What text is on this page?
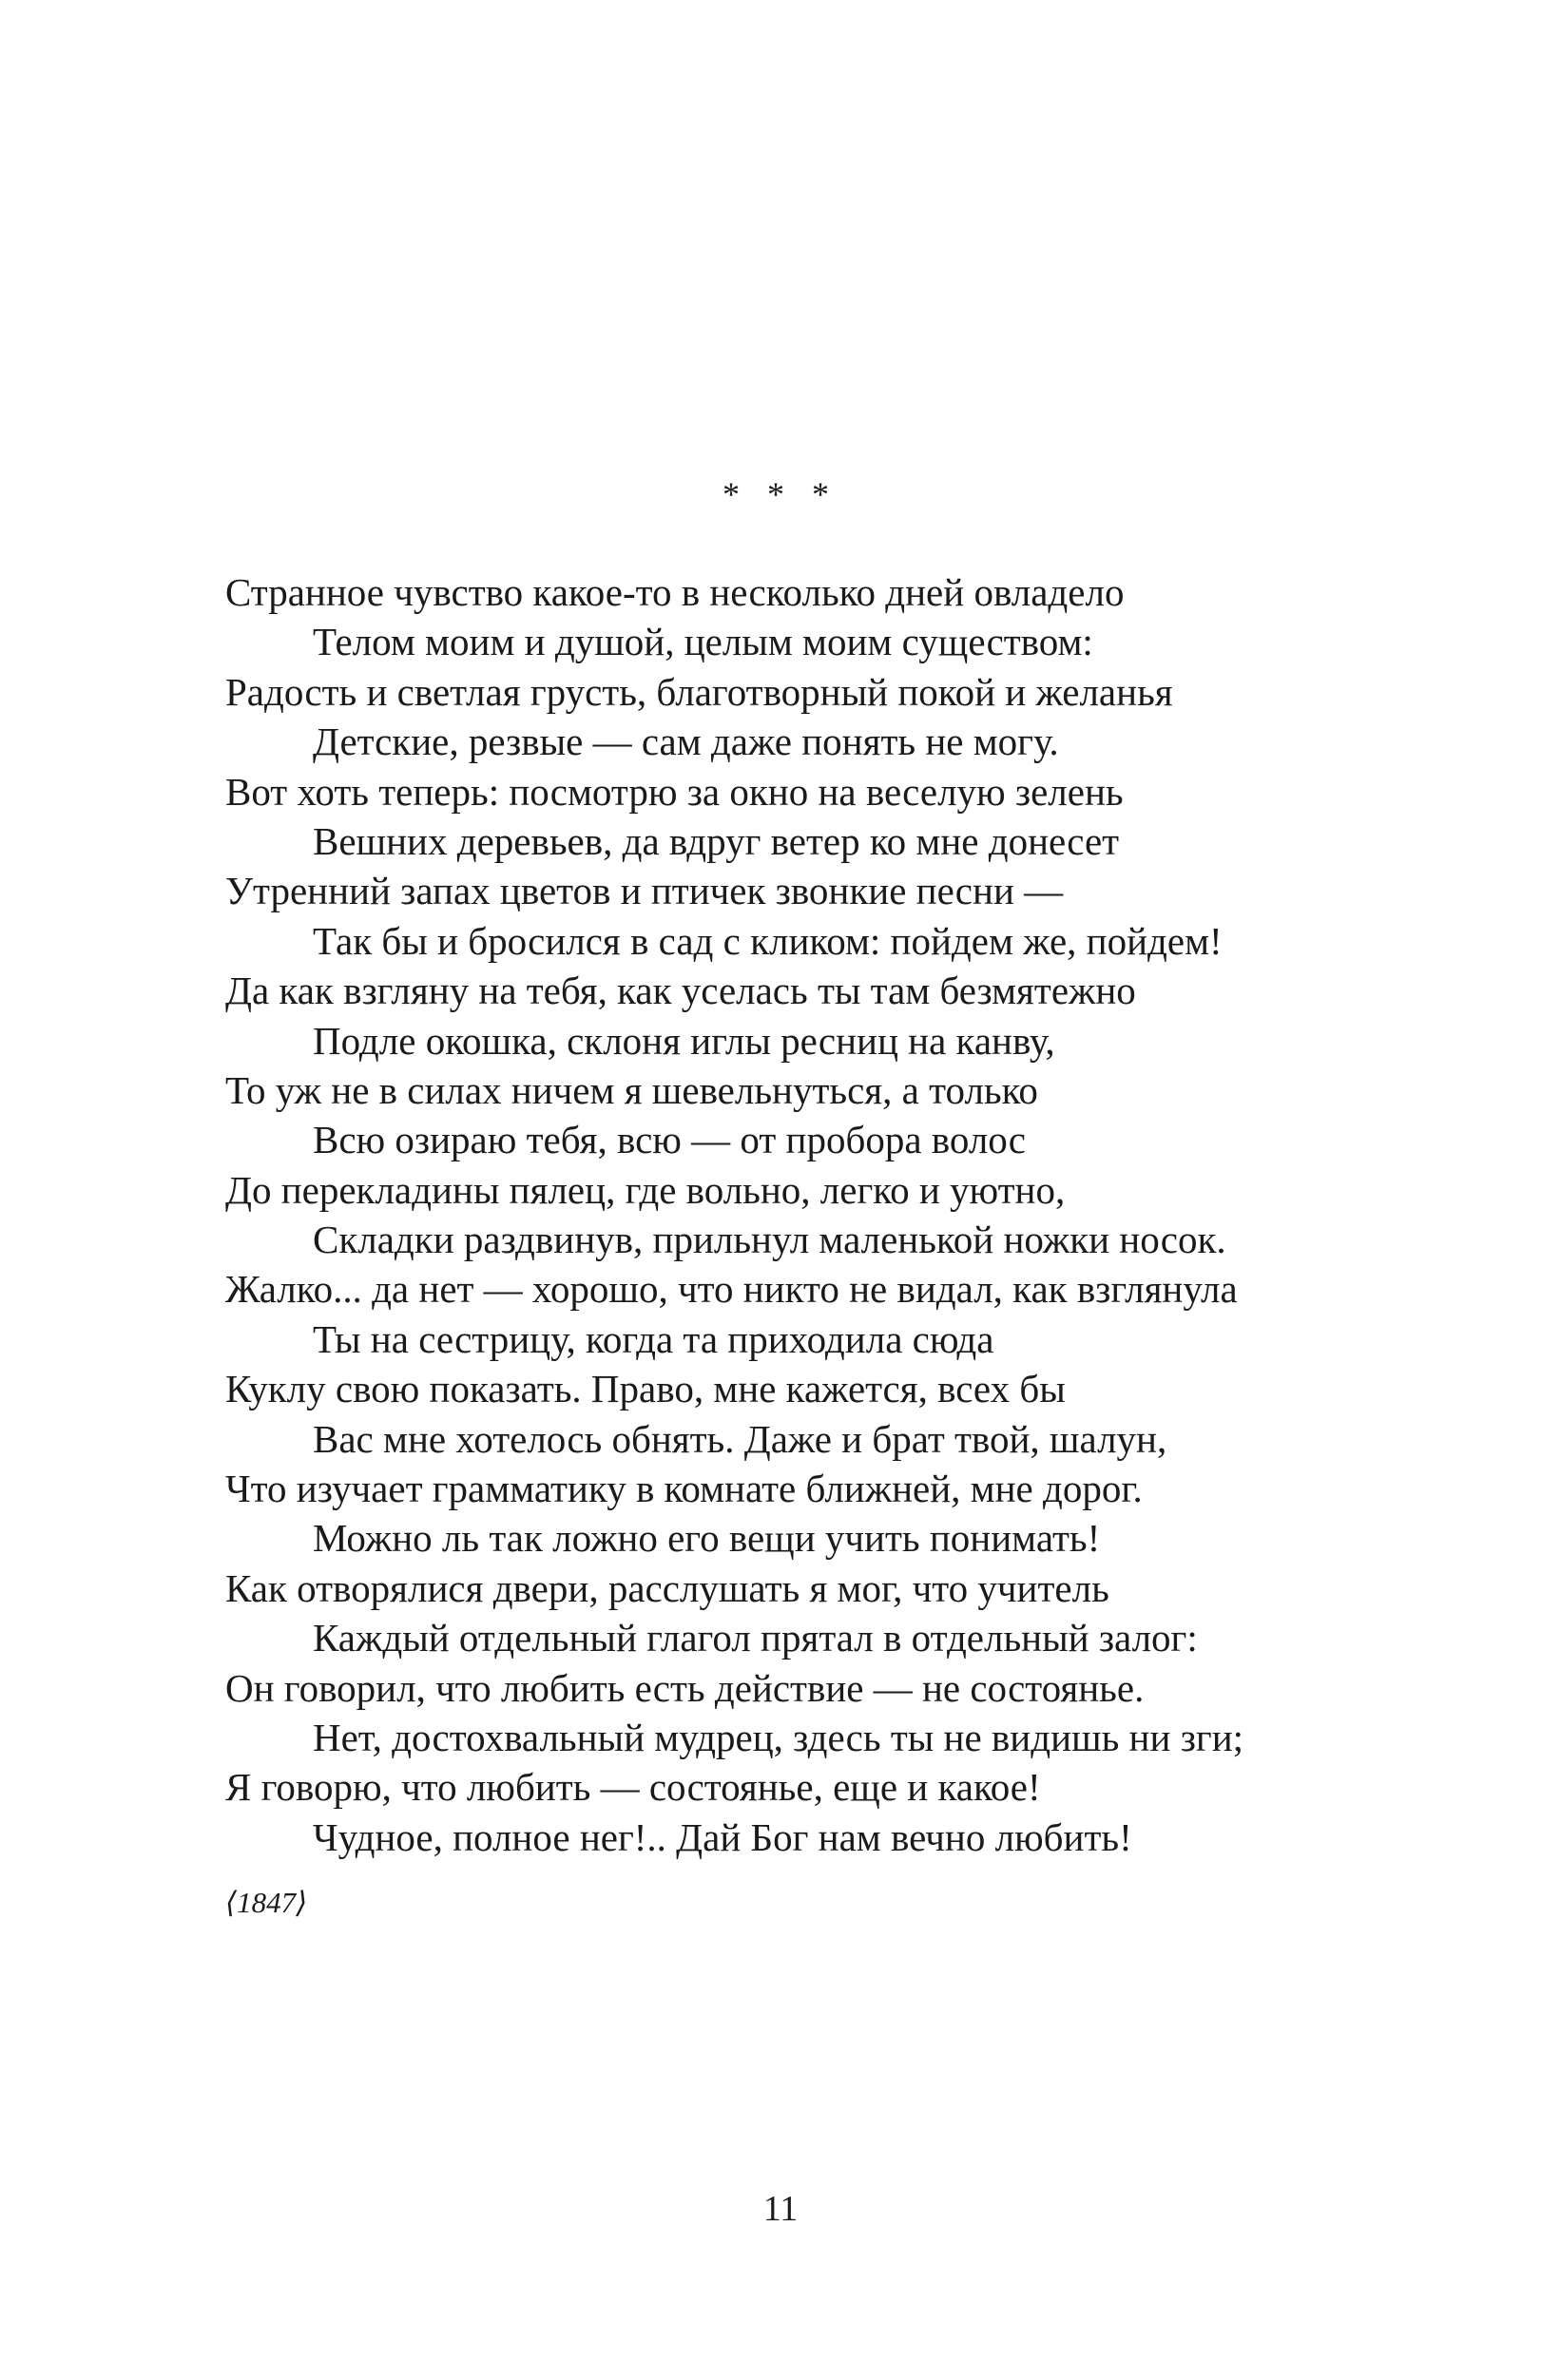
* * *
Странное чувство какое-то в несколько дней овладело
Телом моим и душой, целым моим существом:
Радость и светлая грусть, благотворный покой и желанья
Детские, резвые — сам даже понять не могу.
Вот хоть теперь: посмотрю за окно на веселую зелень
Вешних деревьев, да вдруг ветер ко мне донесет
Утренний запах цветов и птичек звонкие песни —
Так бы и бросился в сад с кликом: пойдем же, пойдем!
Да как взгляну на тебя, как уселась ты там безмятежно
Подле окошка, склоня иглы ресниц на канву,
То уж не в силах ничем я шевельнуться, а только
Всю озираю тебя, всю — от пробора волос
До перекладины пялец, где вольно, легко и уютно,
Складки раздвинув, прильнул маленькой ножки носок.
Жалко... да нет — хорошо, что никто не видал, как взглянула
Ты на сестрицу, когда та приходила сюда
Куклу свою показать. Право, мне кажется, всех бы
Вас мне хотелось обнять. Даже и брат твой, шалун,
Что изучает грамматику в комнате ближней, мне дорог.
Можно ль так ложно его вещи учить понимать!
Как отворялися двери, расслушать я мог, что учитель
Каждый отдельный глагол прятал в отдельный залог:
Он говорил, что любить есть действие — не состоянье.
Нет, достохвальный мудрец, здесь ты не видишь ни зги;
Я говорю, что любить — состоянье, еще и какое!
Чудное, полное нег!.. Дай Бог нам вечно любить!
⟨1847⟩
11
